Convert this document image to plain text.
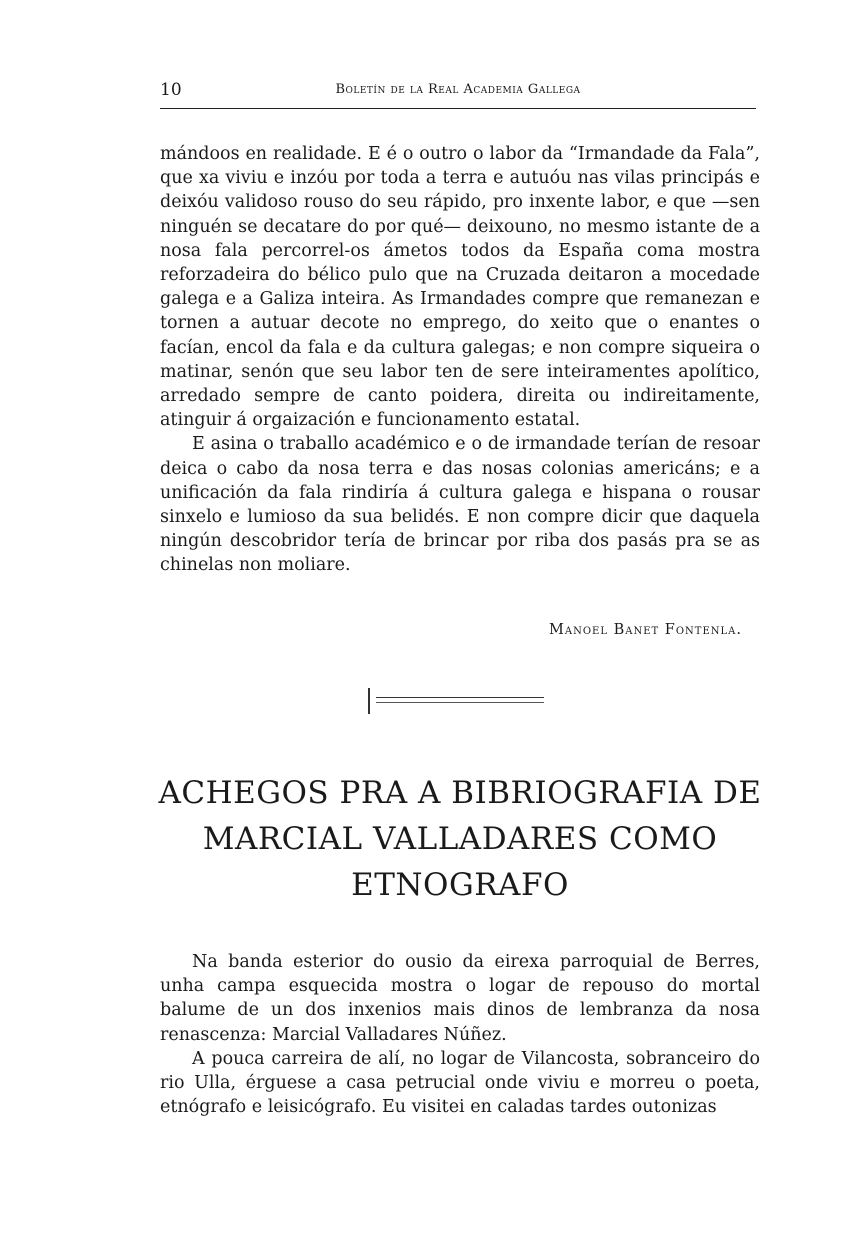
10	Boletín de la Real Academia Gallega

mándoos en realidade. E é o outro o labor da “Irmandade da Fala”, que xa viviu e inzóu por toda a terra e autuóu nas vilas principás e deixóu validoso rouso do seu rápido, pro inxente labor, e que —sen ninguén se decatare do por qué— deixouno, no mesmo istante de a nosa fala percorrel-os ámetos todos da España coma mostra reforzadeira do bélico pulo que na Cruzada deitaron a mocedade galega e a Galiza inteira. As Irmandades compre que remanezan e tornen a autuar decote no emprego, do xeito que o enantes o facían, encol da fala e da cultura galegas; e non compre siqueira o matinar, senón que seu labor ten de sere inteiramentes apolítico, arredado sempre de canto poidera, direita ou indireitamente, atinguir á orgaización e funcionamento estatal.

E asina o traballo académico e o de irmandade terían de resoar deica o cabo da nosa terra e das nosas colonias americáns; e a unificación da fala rindiría á cultura galega e hispana o rousar sinxelo e lumioso da sua belidés. E non compre dicir que daquela ningún descobridor tería de brincar por riba dos pasás pra se as chinelas non moliare.

Manoel Banet Fontenla.
ACHEGOS PRA A BIBRIOGRAFIA DE
MARCIAL VALLADARES COMO
ETNOGRAFO

Na banda esterior do ousio da eirexa parroquial de Berres, unha campa esquecida mostra o logar de repouso do mortal balume de un dos inxenios mais dinos de lembranza da nosa renascenza: Marcial Valladares Núñez.

A pouca carreira de alí, no logar de Vilancosta, sobranceiro do rio Ulla, érguese a casa petrucial onde viviu e morreu o poeta, etnógrafo e leisicógrafo. Eu visitei en caladas tardes outonizas
